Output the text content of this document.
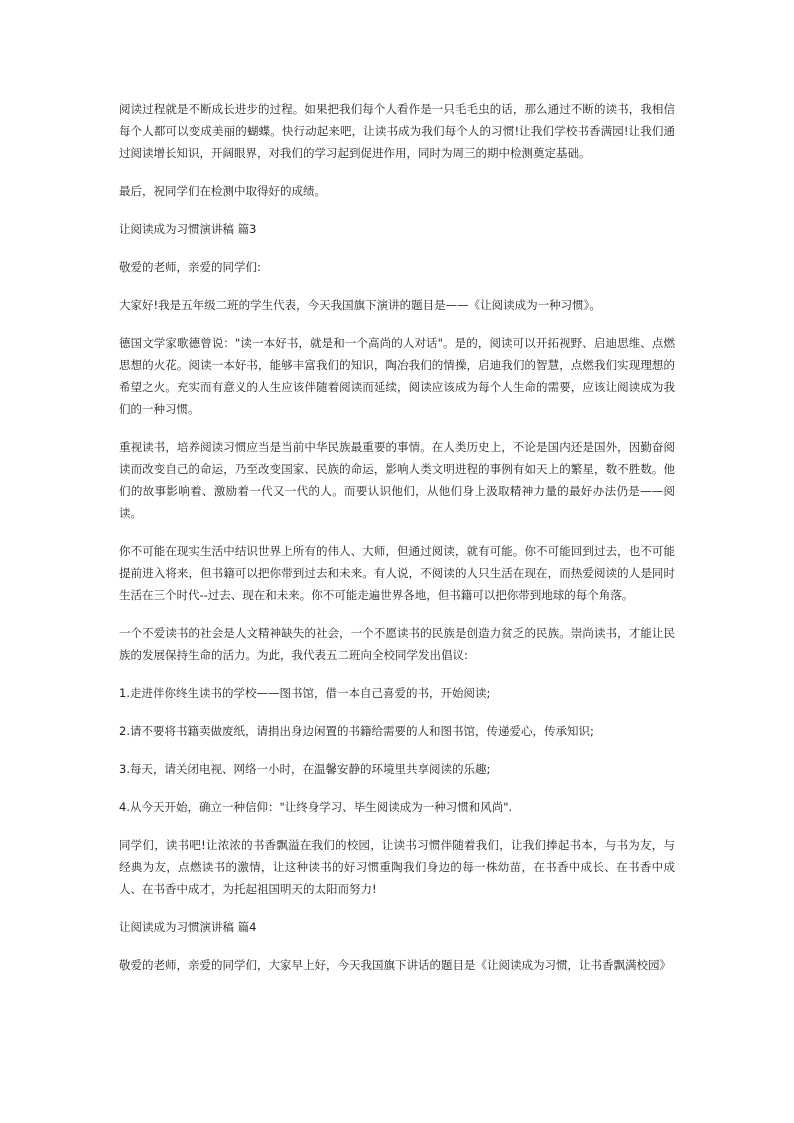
阅读过程就是不断成长进步的过程。如果把我们每个人看作是一只毛毛虫的话，那么通过不断的读书，我相信每个人都可以变成美丽的蝴蝶。快行动起来吧，让读书成为我们每个人的习惯!让我们学校书香满园!让我们通过阅读增长知识，开阔眼界，对我们的学习起到促进作用，同时为周三的期中检测奠定基础。

最后，祝同学们在检测中取得好的成绩。

让阅读成为习惯演讲稿 篇3

敬爱的老师，亲爱的同学们:

大家好!我是五年级二班的学生代表，今天我国旗下演讲的题目是——《让阅读成为一种习惯》。

德国文学家歌德曾说："读一本好书，就是和一个高尚的人对话"。是的，阅读可以开拓视野、启迪思维、点燃思想的火花。阅读一本好书，能够丰富我们的知识，陶冶我们的情操，启迪我们的智慧，点燃我们实现理想的希望之火。充实而有意义的人生应该伴随着阅读而延续，阅读应该成为每个人生命的需要，应该让阅读成为我们的一种习惯。

重视读书，培养阅读习惯应当是当前中华民族最重要的事情。在人类历史上，不论是国内还是国外，因勤奋阅读而改变自己的命运，乃至改变国家、民族的命运，影响人类文明进程的事例有如天上的繁星，数不胜数。他们的故事影响着、激励着一代又一代的人。而要认识他们，从他们身上汲取精神力量的最好办法仍是——阅读。

你不可能在现实生活中结识世界上所有的伟人、大师，但通过阅读，就有可能。你不可能回到过去，也不可能提前进入将来，但书籍可以把你带到过去和未来。有人说，不阅读的人只生活在现在，而热爱阅读的人是同时生活在三个时代--过去、现在和未来。你不可能走遍世界各地，但书籍可以把你带到地球的每个角落。

一个不爱读书的社会是人文精神缺失的社会，一个不愿读书的民族是创造力贫乏的民族。崇尚读书，才能让民族的发展保持生命的活力。为此，我代表五二班向全校同学发出倡议:

1.走进伴你终生读书的学校——图书馆，借一本自己喜爱的书，开始阅读;

2.请不要将书籍卖做废纸，请捐出身边闲置的书籍给需要的人和图书馆，传递爱心，传承知识;

3.每天，请关闭电视、网络一小时，在温馨安静的环境里共享阅读的乐趣;

4.从今天开始，确立一种信仰："让终身学习、毕生阅读成为一种习惯和风尚".

同学们，读书吧!让浓浓的书香飘溢在我们的校园，让读书习惯伴随着我们，让我们捧起书本，与书为友，与经典为友，点燃读书的激情，让这种读书的好习惯重陶我们身边的每一株幼苗，在书香中成长、在书香中成人、在书香中成才，为托起祖国明天的太阳而努力!

让阅读成为习惯演讲稿 篇4

敬爱的老师，亲爱的同学们，大家早上好，今天我国旗下讲话的题目是《让阅读成为习惯，让书香飘满校园》
